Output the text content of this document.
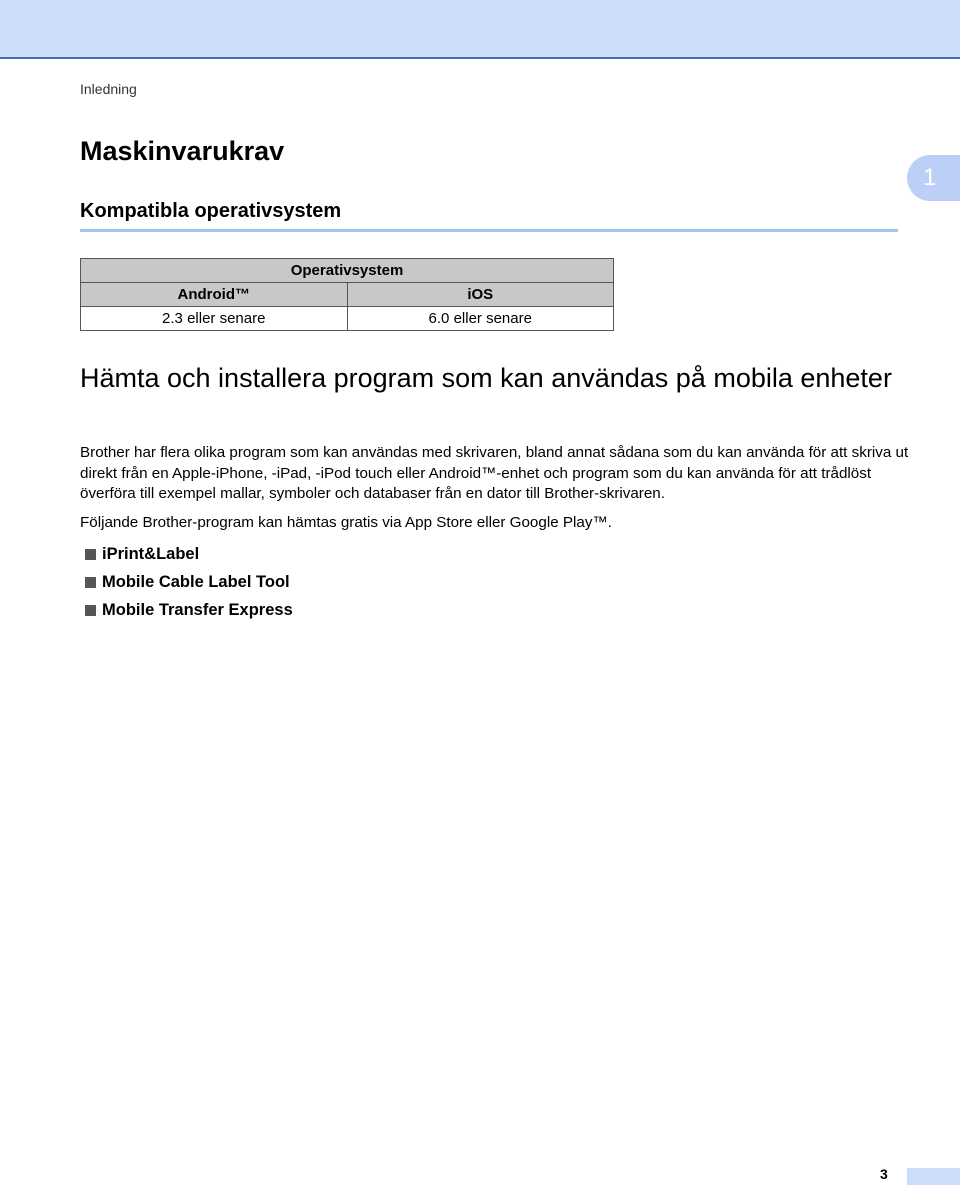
Inledning
1
Maskinvarukrav
Kompatibla operativsystem
Operativsystem	
Android™	iOS
2.3 eller senare	6.0 eller senare
Hämta och installera program som kan användas på mobila enheter

Brother har flera olika program som kan användas med skrivaren, bland annat sådana som du kan använda för att skriva ut direkt från en Apple-iPhone, -iPad, -iPod touch eller Android™-enhet och program som du kan använda för att trådlöst överföra till exempel mallar, symboler och databaser från en dator till Brother-skrivaren.

Följande Brother-program kan hämtas gratis via App Store eller Google Play™.

iPrint&Label
Mobile Cable Label Tool
Mobile Transfer Express
3
